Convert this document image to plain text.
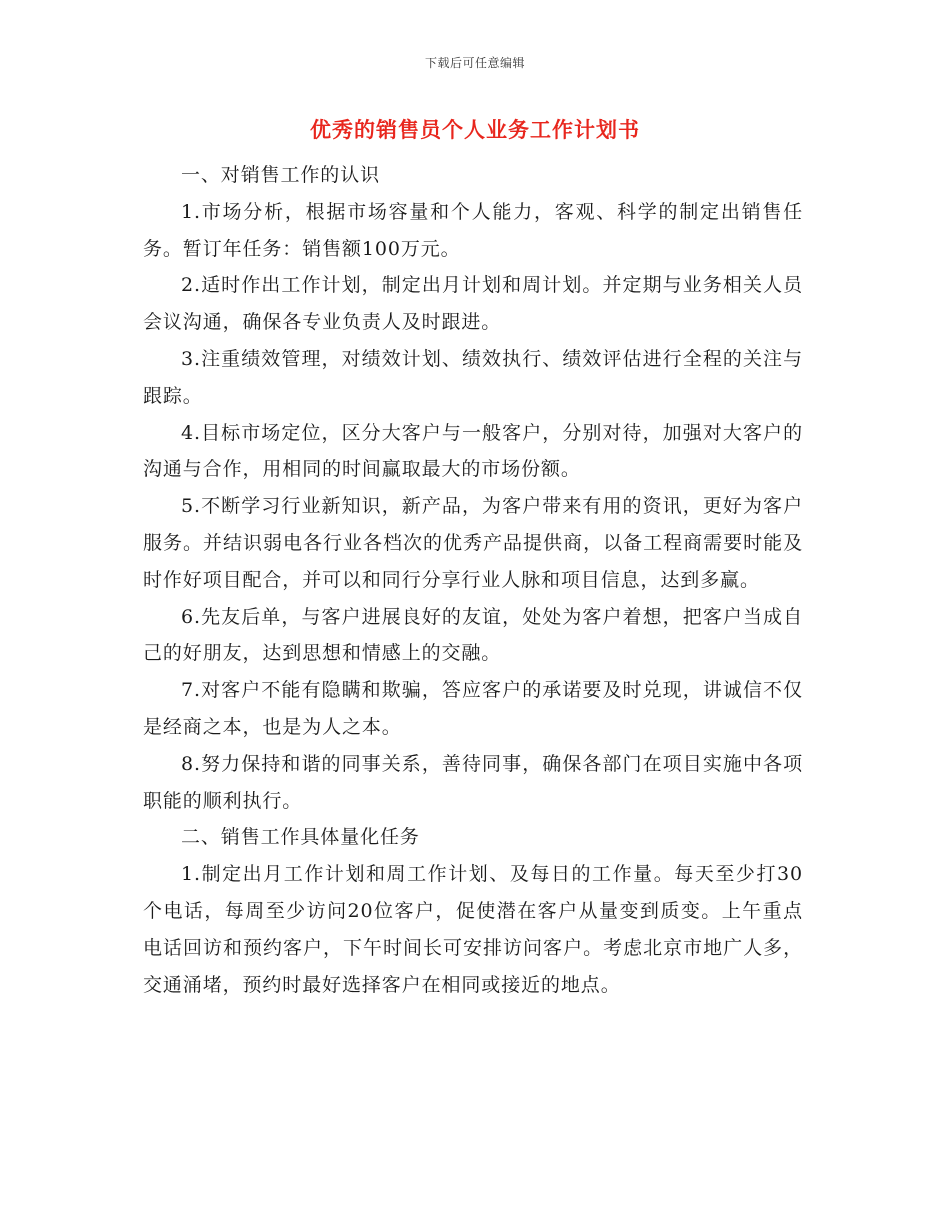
下载后可任意编辑
优秀的销售员个人业务工作计划书

一、对销售工作的认识

1.市场分析，根据市场容量和个人能力，客观、科学的制定出销售任务。暂订年任务：销售额100万元。

2.适时作出工作计划，制定出月计划和周计划。并定期与业务相关人员会议沟通，确保各专业负责人及时跟进。

3.注重绩效管理，对绩效计划、绩效执行、绩效评估进行全程的关注与跟踪。

4.目标市场定位，区分大客户与一般客户，分别对待，加强对大客户的沟通与合作，用相同的时间赢取最大的市场份额。

5.不断学习行业新知识，新产品，为客户带来有用的资讯，更好为客户服务。并结识弱电各行业各档次的优秀产品提供商，以备工程商需要时能及时作好项目配合，并可以和同行分享行业人脉和项目信息，达到多赢。

6.先友后单，与客户进展良好的友谊，处处为客户着想，把客户当成自己的好朋友，达到思想和情感上的交融。

7.对客户不能有隐瞒和欺骗，答应客户的承诺要及时兑现，讲诚信不仅是经商之本，也是为人之本。

8.努力保持和谐的同事关系，善待同事，确保各部门在项目实施中各项职能的顺利执行。

二、销售工作具体量化任务

1.制定出月工作计划和周工作计划、及每日的工作量。每天至少打30个电话，每周至少访问20位客户，促使潜在客户从量变到质变。上午重点电话回访和预约客户，下午时间长可安排访问客户。考虑北京市地广人多，交通涌堵，预约时最好选择客户在相同或接近的地点。
